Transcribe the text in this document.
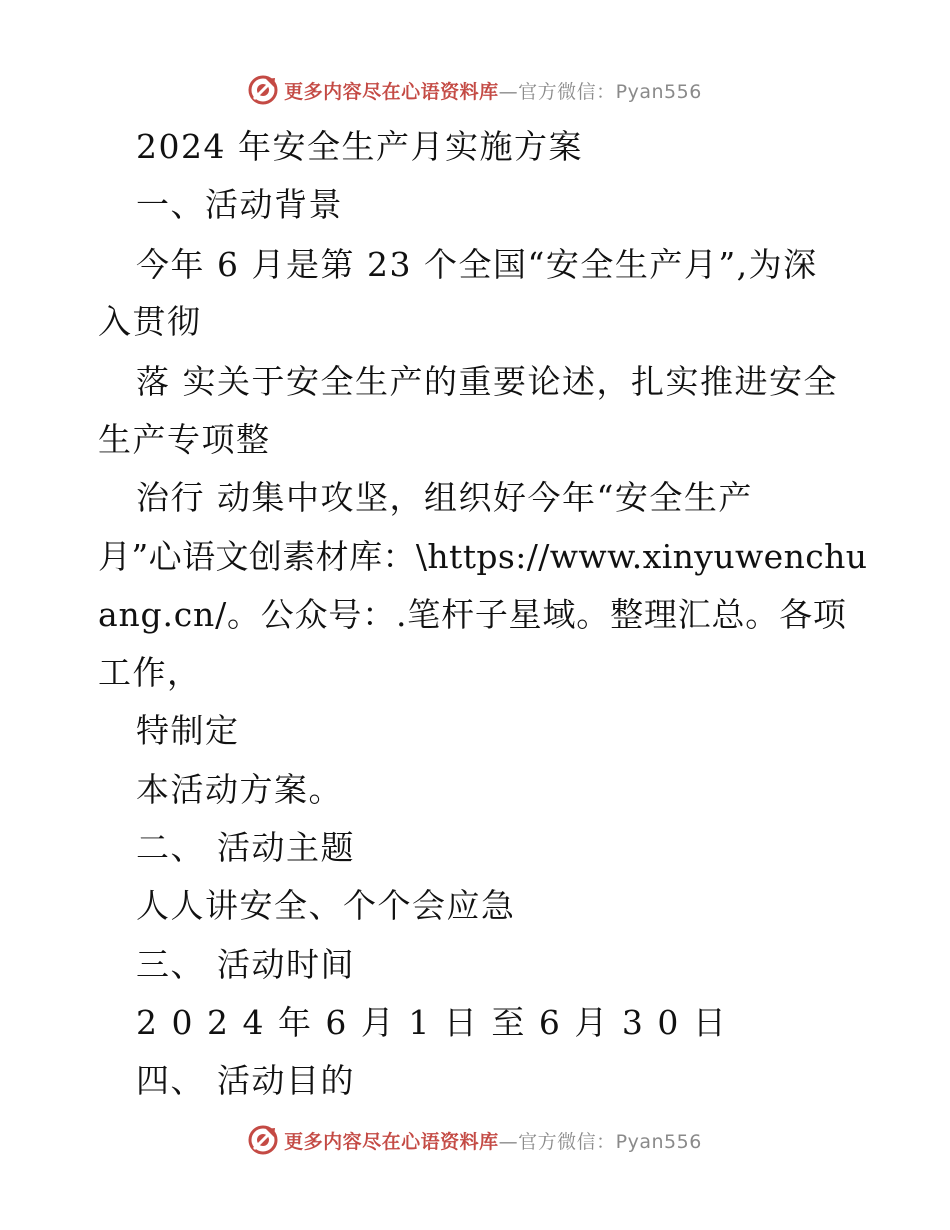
更多内容尽在心语资料库—官方微信：Pyan556
2024 年安全生产月实施方案
一、活动背景
今年 6 月是第 23 个全国“安全生产月”,为深
入贯彻
落 实关于安全生产的重要论述，扎实推进安全
生产专项整
治行 动集中攻坚，组织好今年“安全生产
月”心语文创素材库：\https://www.xinyuwenchu
ang.cn/。公众号：.笔杆子星域。整理汇总。各项
工作，
特制定
本活动方案。
二、 活动主题
人人讲安全、个个会应急
三、 活动时间
2 0 2 4 年 6 月 1 日 至 6 月 3 0 日
四、 活动目的
更多内容尽在心语资料库—官方微信：Pyan556
